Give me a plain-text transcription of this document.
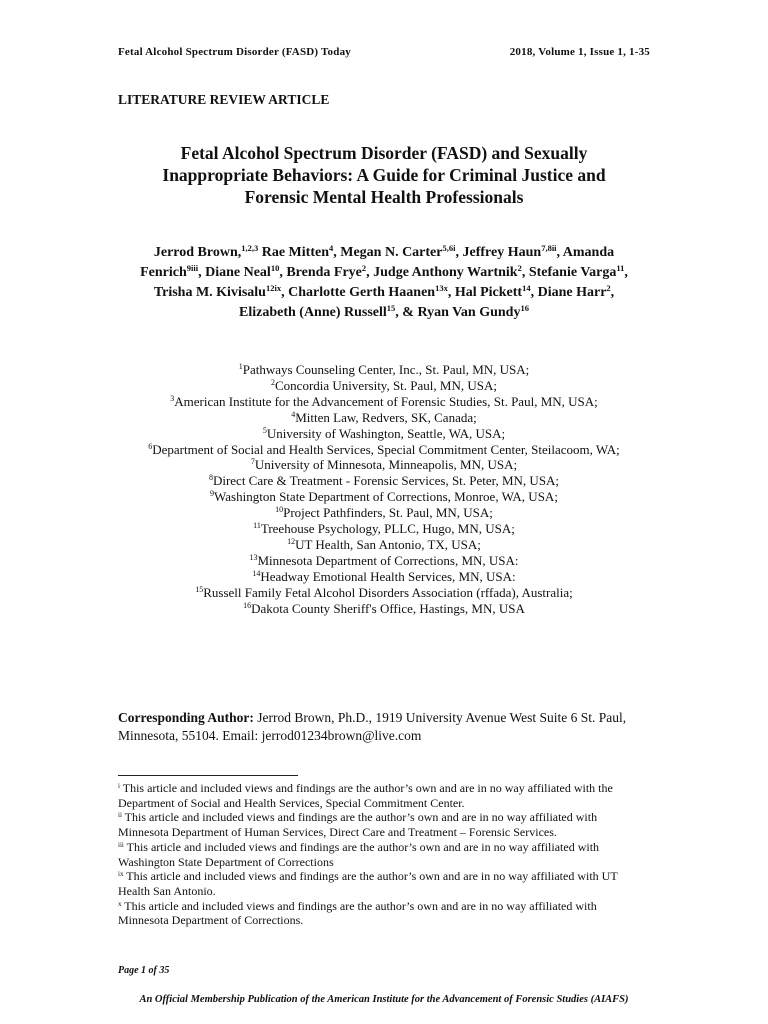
Fetal Alcohol Spectrum Disorder (FASD) Today	2018, Volume 1, Issue 1, 1-35
LITERATURE REVIEW ARTICLE
Fetal Alcohol Spectrum Disorder (FASD) and Sexually
Inappropriate Behaviors: A Guide for Criminal Justice and
Forensic Mental Health Professionals
Jerrod Brown,$^{1,2,3}$ Rae Mitten$^4$, Megan N. Carter$^{5,6i}$, Jeffrey Haun$^{7,8ii}$, Amanda
Fenrich$^{9iii}$, Diane Neal$^{10}$, Brenda Frye$^2$, Judge Anthony Wartnik$^2$, Stefanie Varga$^{11}$,
Trisha M. Kivisalu$^{12ix}$, Charlotte Gerth Haanen$^{13x}$, Hal Pickett$^{14}$, Diane Harr$^2$,
Elizabeth (Anne) Russell$^{15}$, & Ryan Van Gundy$^{16}$
$^1$Pathways Counseling Center, Inc., St. Paul, MN, USA;
$^2$Concordia University, St. Paul, MN, USA;
$^3$American Institute for the Advancement of Forensic Studies, St. Paul, MN, USA;
$^4$Mitten Law, Redvers, SK, Canada;
$^5$University of Washington, Seattle, WA, USA;
$^6$Department of Social and Health Services, Special Commitment Center, Steilacoom, WA;
$^7$University of Minnesota, Minneapolis, MN, USA;
$^8$Direct Care & Treatment - Forensic Services, St. Peter, MN, USA;
$^9$Washington State Department of Corrections, Monroe, WA, USA;
$^{10}$Project Pathfinders, St. Paul, MN, USA;
$^{11}$Treehouse Psychology, PLLC, Hugo, MN, USA;
$^{12}$UT Health, San Antonio, TX, USA;
$^{13}$Minnesota Department of Corrections, MN, USA:
$^{14}$Headway Emotional Health Services, MN, USA:
$^{15}$Russell Family Fetal Alcohol Disorders Association (rffada), Australia;
$^{16}$Dakota County Sheriff's Office, Hastings, MN, USA
Corresponding Author: Jerrod Brown, Ph.D., 1919 University Avenue West Suite 6 St. Paul, Minnesota, 55104. Email: jerrod01234brown@live.com
$^i$ This article and included views and findings are the author’s own and are in no way affiliated with the Department of Social and Health Services, Special Commitment Center.
$^{ii}$ This article and included views and findings are the author’s own and are in no way affiliated with Minnesota Department of Human Services, Direct Care and Treatment – Forensic Services.
$^{iii}$ This article and included views and findings are the author’s own and are in no way affiliated with Washington State Department of Corrections
$^{ix}$ This article and included views and findings are the author’s own and are in no way affiliated with UT Health San Antonio.
$^x$ This article and included views and findings are the author’s own and are in no way affiliated with Minnesota Department of Corrections.
Page 1 of 35
An Official Membership Publication of the American Institute for the Advancement of Forensic Studies (AIAFS)
